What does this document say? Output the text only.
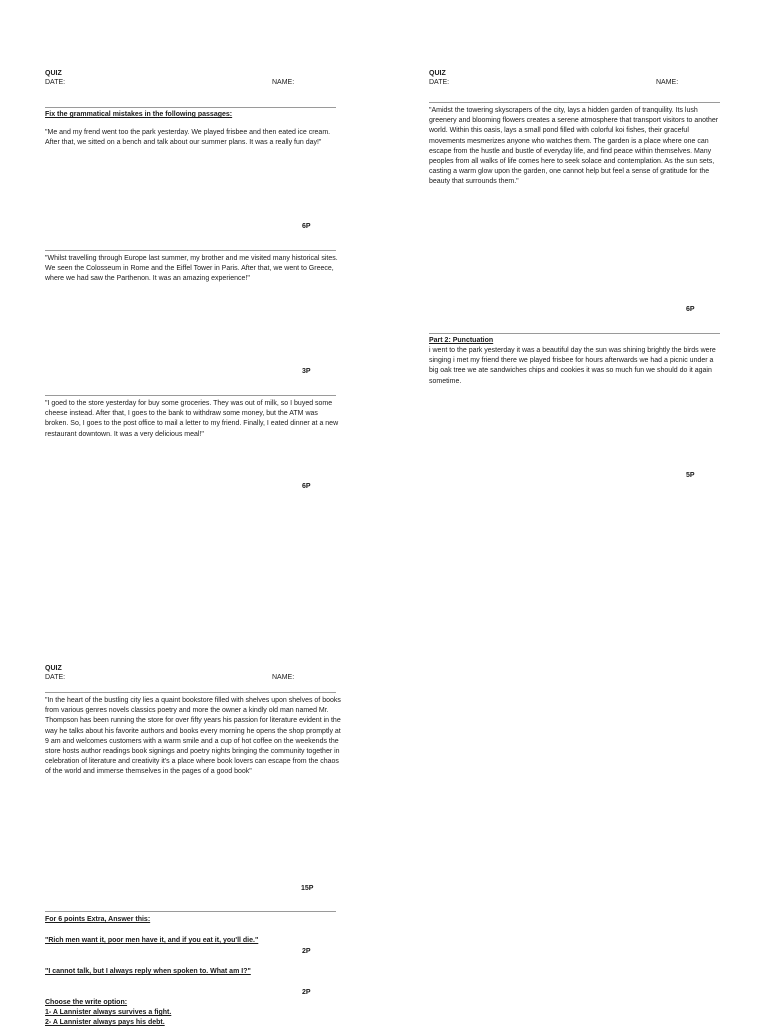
QUIZ
DATE:	NAME:
Fix the grammatical mistakes in the following passages:
"Me and my frend went too the park yesterday. We played frisbee and then eated ice cream. After that, we sitted on a bench and talk about our summer plans. It was a really fun day!"
6P
"Whilst travelling through Europe last summer, my brother and me visited many historical sites. We seen the Colosseum in Rome and the Eiffel Tower in Paris. After that, we went to Greece, where we had saw the Parthenon. It was an amazing experience!"
3P
"I goed to the store yesterday for buy some groceries. They was out of milk, so I buyed some cheese instead. After that, I goes to the bank to withdraw some money, but the ATM was broken. So, I goes to the post office to mail a letter to my friend. Finally, I eated dinner at a new restaurant downtown. It was a very delicious meal!"
6P
QUIZ
DATE:	NAME:
"Amidst the towering skyscrapers of the city, lays a hidden garden of tranquility. Its lush greenery and blooming flowers creates a serene atmosphere that transport visitors to another world. Within this oasis, lays a small pond filled with colorful koi fishes, their graceful movements mesmerizes anyone who watches them. The garden is a place where one can escape from the hustle and bustle of everyday life, and find peace within themselves. Many peoples from all walks of life comes here to seek solace and contemplation. As the sun sets, casting a warm glow upon the garden, one cannot help but feel a sense of gratitude for the beauty that surrounds them."
6P
Part 2: Punctuation
i went to the park yesterday it was a beautiful day the sun was shining brightly the birds were singing i met my friend there we played frisbee for hours afterwards we had a picnic under a big oak tree we ate sandwiches chips and cookies it was so much fun we should do it again sometime.
5P
QUIZ
DATE:	NAME:
"In the heart of the bustling city lies a quaint bookstore filled with shelves upon shelves of books from various genres novels classics poetry and more the owner a kindly old man named Mr. Thompson has been running the store for over fifty years his passion for literature evident in the way he talks about his favorite authors and books every morning he opens the shop promptly at 9 am and welcomes customers with a warm smile and a cup of hot coffee on the weekends the store hosts author readings book signings and poetry nights bringing the community together in celebration of literature and creativity it's a place where book lovers can escape from the chaos of the world and immerse themselves in the pages of a good book"
15P
For 6 points Extra, Answer this:
"Rich men want it, poor men have it, and if you eat it, you'll die."
2P
"I cannot talk, but I always reply when spoken to. What am I?"
2P
Choose the write option:
1- A Lannister always survives a fight.
2- A Lannister always pays his debt.
